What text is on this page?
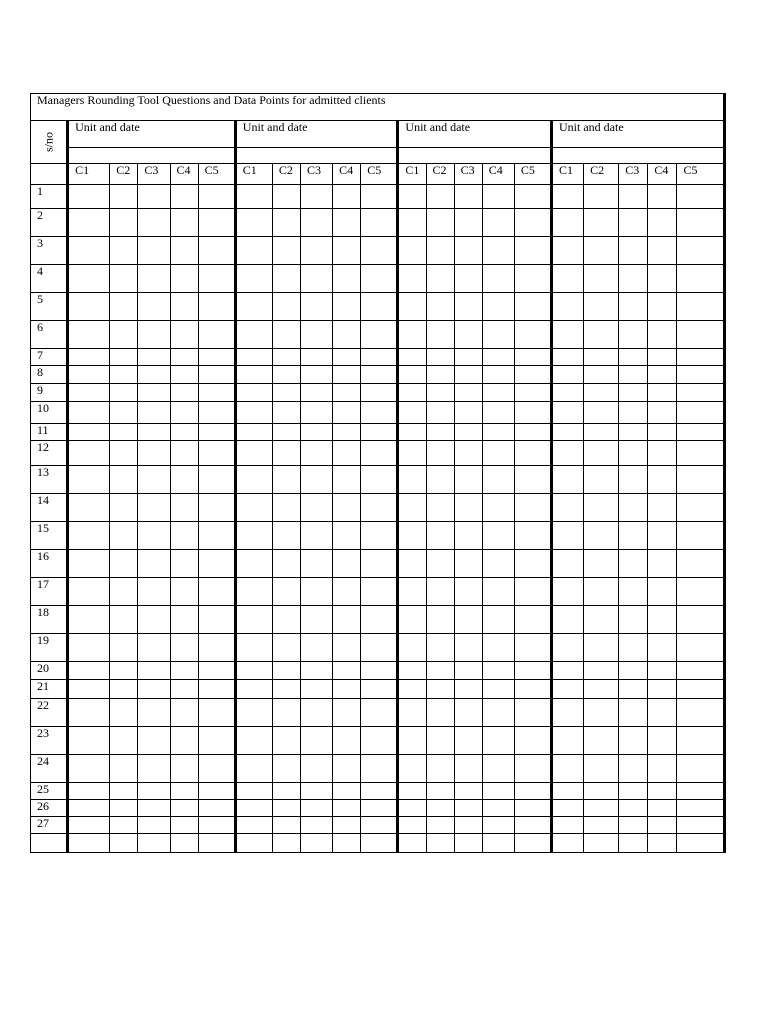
Managers Rounding Tool Questions and Data Points for admitted clients																				

s/no	Unit and date					Unit and date					Unit and date					Unit and date				

	C1	C2	C3	C4	C5	C1	C2	C3	C4	C5	C1	C2	C3	C4	C5	C1	C2	C3	C4	C5
1																				
2																				
3																				
4																				
5																				
6																				
7																				
8																				
9																				
10																				
11																				
12																				
13																				
14																				
15																				
16																				
17																				
18																				
19																				
20																				
21																				
22																				
23																				
24																				
25																				
26																				
27																				
